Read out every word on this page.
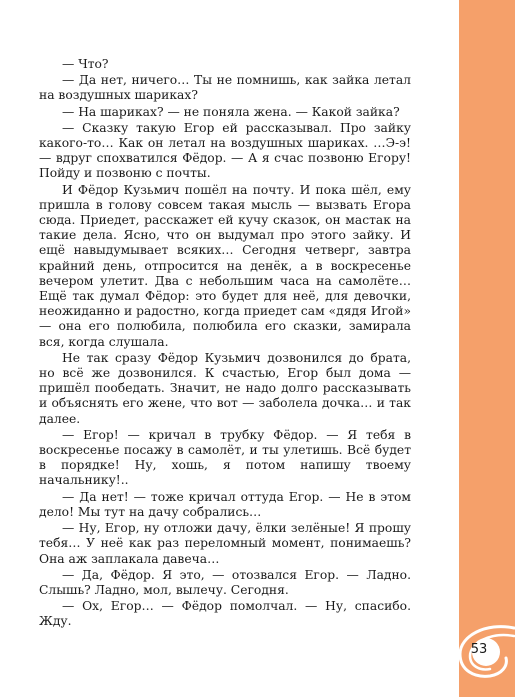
— Что?

— Да нет, ничего… Ты не помнишь, как зайка летал на воздушных шариках?

— На шариках? — не поняла жена. — Какой зайка?

— Сказку такую Егор ей рассказывал. Про зайку какого-то… Как он летал на воздушных шариках. …Э-э! — вдруг спохватился Фёдор. — А я счас позвоню Егору! Пойду и позвоню с почты.

И Фёдор Кузьмич пошёл на почту. И пока шёл, ему пришла в голову совсем такая мысль — вызвать Егора сюда. Приедет, расскажет ей кучу сказок, он мастак на такие дела. Ясно, что он выдумал про этого зайку. И ещё навыдумывает всяких… Сегодня четверг, завтра крайний день, отпросится на денёк, а в воскресенье вечером улетит. Два с небольшим часа на самолёте… Ещё так думал Фёдор: это будет для неё, для девочки, неожиданно и радостно, когда приедет сам «дядя Игой» — она его полюбила, полюбила его сказки, замирала вся, когда слушала.

Не так сразу Фёдор Кузьмич дозвонился до брата, но всё же дозвонился. К счастью, Егор был дома — пришёл пообедать. Значит, не надо долго рассказывать и объяснять его жене, что вот — заболела дочка… и так далее.

— Егор! — кричал в трубку Фёдор. — Я тебя в воскресенье посажу в самолёт, и ты улетишь. Всё будет в порядке! Ну, хошь, я потом напишу твоему начальнику!..

— Да нет! — тоже кричал оттуда Егор. — Не в этом дело! Мы тут на дачу собрались…

— Ну, Егор, ну отложи дачу, ёлки зелёные! Я прошу тебя… У неё как раз переломный момент, понимаешь? Она аж заплакала давеча…

— Да, Фёдор. Я это, — отозвался Егор. — Ладно. Слышь? Ладно, мол, вылечу. Сегодня.

— Ох, Егор… — Фёдор помолчал. — Ну, спасибо. Жду.

53
